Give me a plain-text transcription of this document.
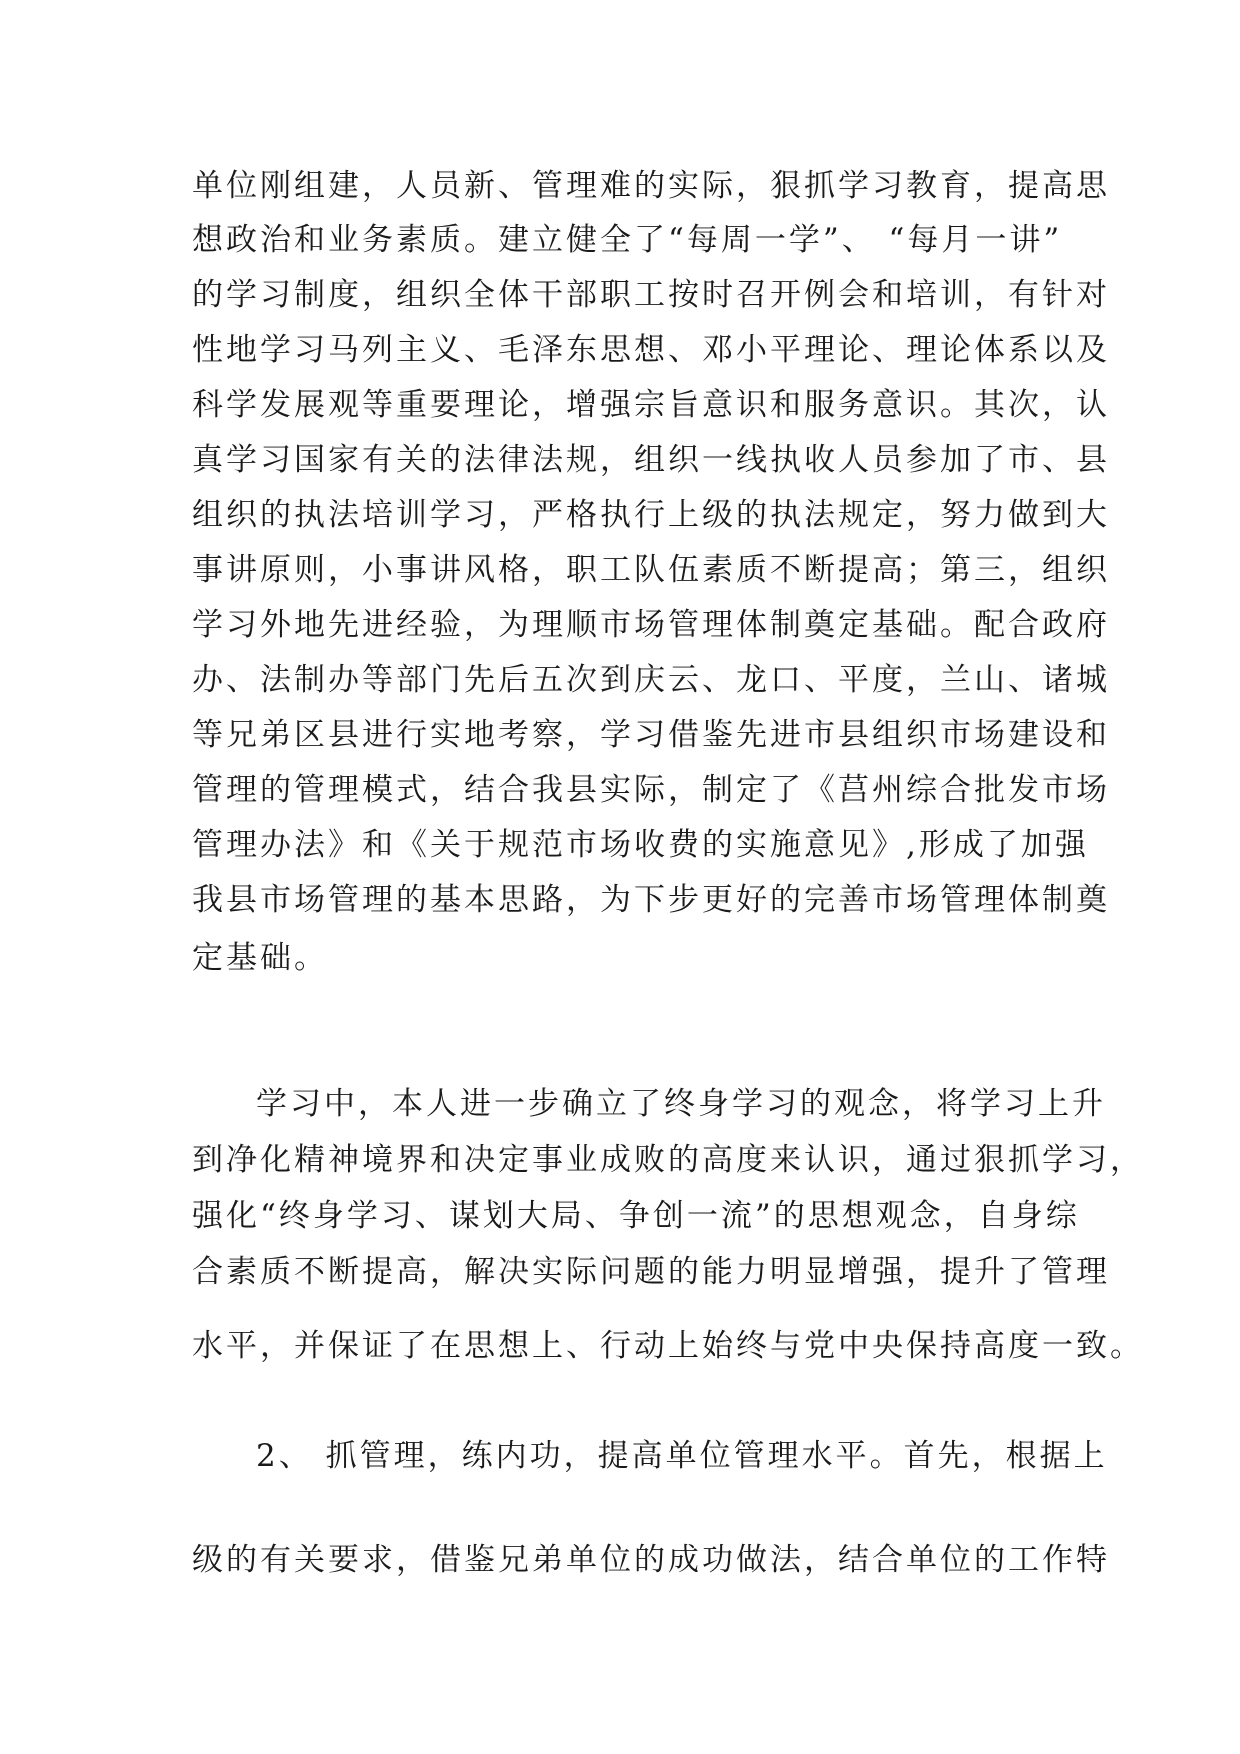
单位刚组建，人员新、管理难的实际，狠抓学习教育，提高思
想政治和业务素质。建立健全了“每周一学”、 “每月一讲”
的学习制度，组织全体干部职工按时召开例会和培训，有针对
性地学习马列主义、毛泽东思想、邓小平理论、理论体系以及
科学发展观等重要理论，增强宗旨意识和服务意识。其次，认
真学习国家有关的法律法规，组织一线执收人员参加了市、县
组织的执法培训学习，严格执行上级的执法规定，努力做到大
事讲原则，小事讲风格，职工队伍素质不断提高；第三，组织
学习外地先进经验，为理顺市场管理体制奠定基础。配合政府
办、法制办等部门先后五次到庆云、龙口、平度，兰山、诸城
等兄弟区县进行实地考察，学习借鉴先进市县组织市场建设和
管理的管理模式，结合我县实际，制定了《莒州综合批发市场
管理办法》和《关于规范市场收费的实施意见》,形成了加强
我县市场管理的基本思路，为下步更好的完善市场管理体制奠
定基础。
学习中，本人进一步确立了终身学习的观念，将学习上升
到净化精神境界和决定事业成败的高度来认识，通过狠抓学习，
强化“终身学习、谋划大局、争创一流”的思想观念，自身综
合素质不断提高，解决实际问题的能力明显增强，提升了管理
水平，并保证了在思想上、行动上始终与党中央保持高度一致。
2、 抓管理，练内功，提高单位管理水平。首先，根据上
级的有关要求，借鉴兄弟单位的成功做法，结合单位的工作特
